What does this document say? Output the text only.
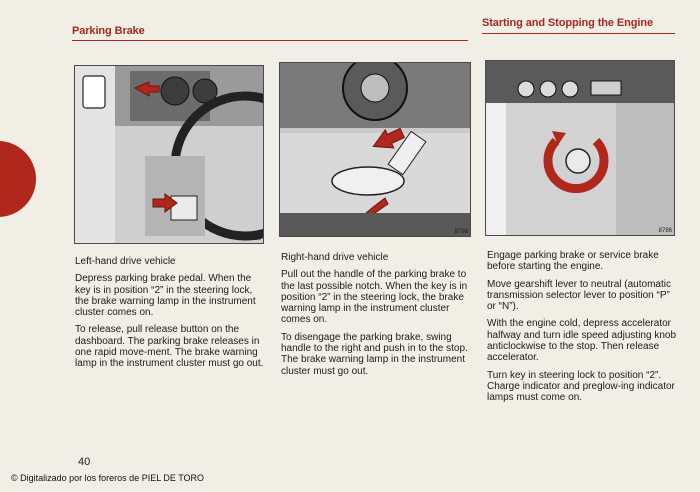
Parking Brake
Starting and Stopping the Engine
8726
8798	8786

Left-hand drive vehicle

Depress parking brake pedal. When the key is in position “2” in the steering lock, the brake warning lamp in the instrument cluster comes on.

To release, pull release button on the dashboard. The parking brake releases in one rapid move-ment. The brake warning lamp in the instrument cluster must go out.

Right-hand drive vehicle

Pull out the handle of the parking brake to the last possible notch. When the key is in position “2” in the steering lock, the brake warning lamp in the instrument cluster comes on.

To disengage the parking brake, swing handle to the right and push in to the stop. The brake warning lamp in the instrument cluster must go out.

Engage parking brake or service brake before starting the engine.

Move gearshift lever to neutral (automatic transmission selector lever to position “P” or “N”).

With the engine cold, depress accelerator halfway and turn idle speed adjusting knob anticlockwise to the stop. Then release accelerator.

Turn key in steering lock to position “2”. Charge indicator and preglow-ing indicator lamps must come on.

40
© Digitalizado por los foreros de PIEL DE TORO
